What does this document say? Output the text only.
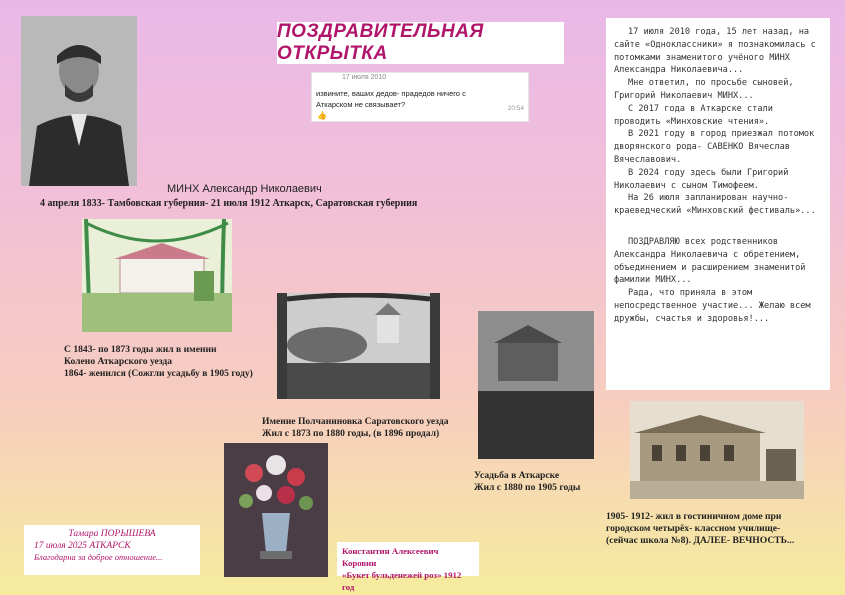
ПОЗДРАВИТЕЛЬНАЯ ОТКРЫТКА
17 июля 2010
извините, ваших дедов- прадедов ничего с Аткарском не связывает?	20:54
👍
МИНХ Александр Николаевич
4 апреля 1833- Тамбовская губерния- 21 июля 1912 Аткарск, Саратовская губерния
С 1843- по 1873 годы жил в имении
Колено Аткарского уезда
1864- женился (Сожгли усадьбу в 1905 году)
Имение Полчаниновка Саратовского уезда
Жил с 1873 по 1880 годы, (в 1896 продал)
Усадьба в Аткарске
Жил с 1880 по 1905 годы
1905- 1912- жил в гостиничном доме при
городском четырёх- классном училище-
(сейчас школа №8). ДАЛЕЕ- ВЕЧНОСТЬ...
Константин Алексеевич Коровин
«Букет бульденежей роз» 1912 год
Тамара ПОРЫШЕВА
17 июля 2025 АТКАРСК
Благодарна за доброе отношение...

17 июля 2010 года, 15 лет назад, на сайте «Одноклассники» я познакомилась с потомками знаменитого учёного МИНХ Александра Николаевича...

Мне ответил, по просьбе сыновей, Григорий Николаевич МИНХ...

С 2017 года в Аткарске стали проводить «Минховские чтения».

В 2021 году в город приезжал потомок дворянского рода- САВЕНКО Вячеслав Вячеславович.

В 2024 году здесь были Григорий Николаевич с сыном Тимофеем.

На 26 июля запланирован научно- краеведческий «Минховский фестиваль»...

ПОЗДРАВЛЯЮ всех родственников Александра Николаевича с обретением, объединением и расширением знаменитой фамилии МИНХ...

Рада, что приняла в этом непосредственное участие... Желаю всем дружбы, счастья и здоровья!...
